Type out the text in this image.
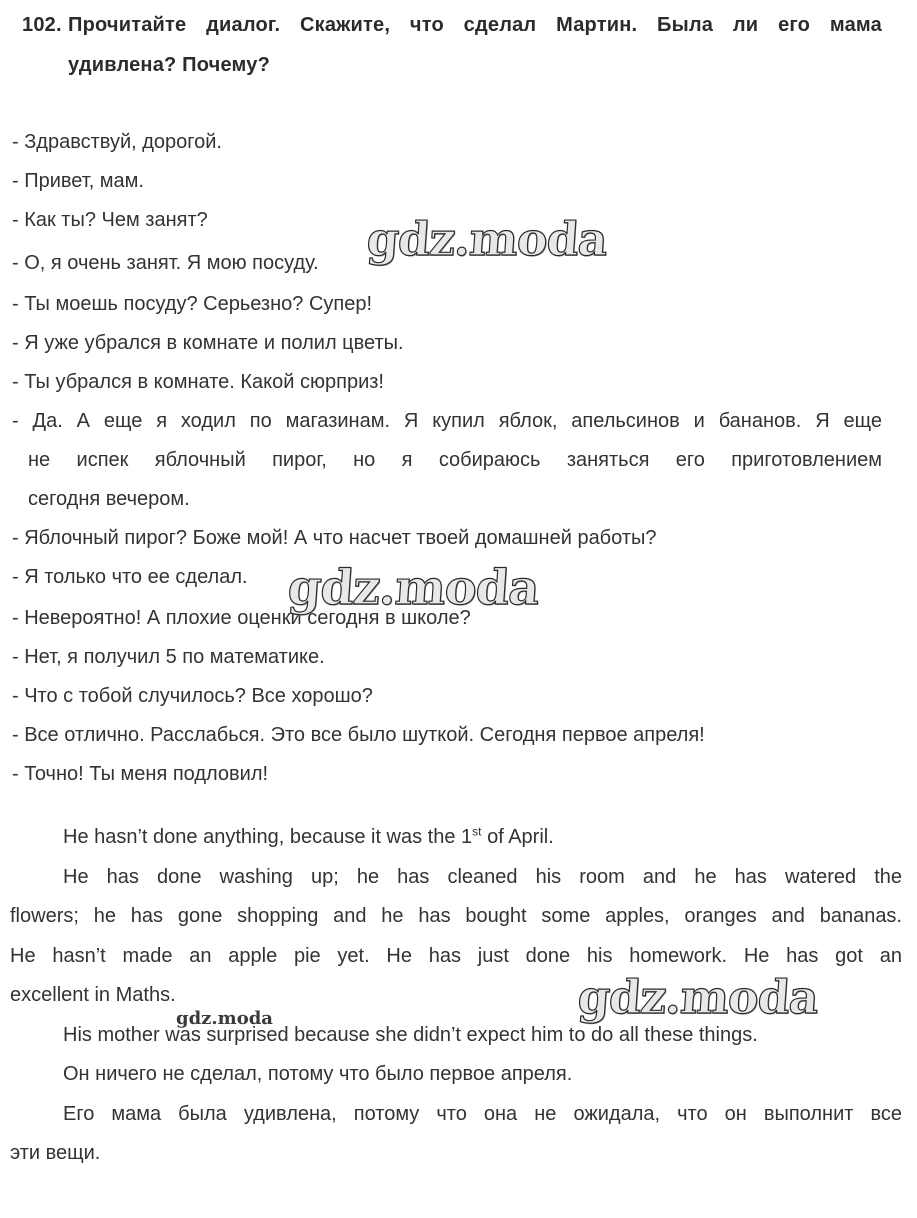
102. Прочитайте диалог. Скажите, что сделал Мартин. Была ли его мама
удивлена? Почему?
- Здравствуй, дорогой.
- Привет, мам.
- Как ты? Чем занят?
- О, я очень занят. Я мою посуду.
- Ты моешь посуду? Серьезно? Супер!
- Я уже убрался в комнате и полил цветы.
- Ты убрался в комнате. Какой сюрприз!
- Да. А еще я ходил по магазинам. Я купил яблок, апельсинов и бананов. Я еще
не испек яблочный пирог, но я собираюсь заняться его приготовлением
сегодня вечером.
- Яблочный пирог? Боже мой! А что насчет твоей домашней работы?
- Я только что ее сделал.
- Невероятно! А плохие оценки сегодня в школе?
- Нет, я получил 5 по математике.
- Что с тобой случилось? Все хорошо?
- Все отлично. Расслабься. Это все было шуткой. Сегодня первое апреля!
- Точно! Ты меня подловил!
He hasn’t done anything, because it was the 1st of April.
He has done washing up; he has cleaned his room and he has watered the
flowers; he has gone shopping and he has bought some apples, oranges and bananas.
He hasn’t made an apple pie yet. He has just done his homework. He has got an
excellent in Maths.
His mother was surprised because she didn’t expect him to do all these things.
Он ничего не сделал, потому что было первое апреля.
Его мама была удивлена, потому что она не ожидала, что он выполнит все
эти вещи.
gdz.moda
gdz.moda
gdz.moda
gdz.moda
